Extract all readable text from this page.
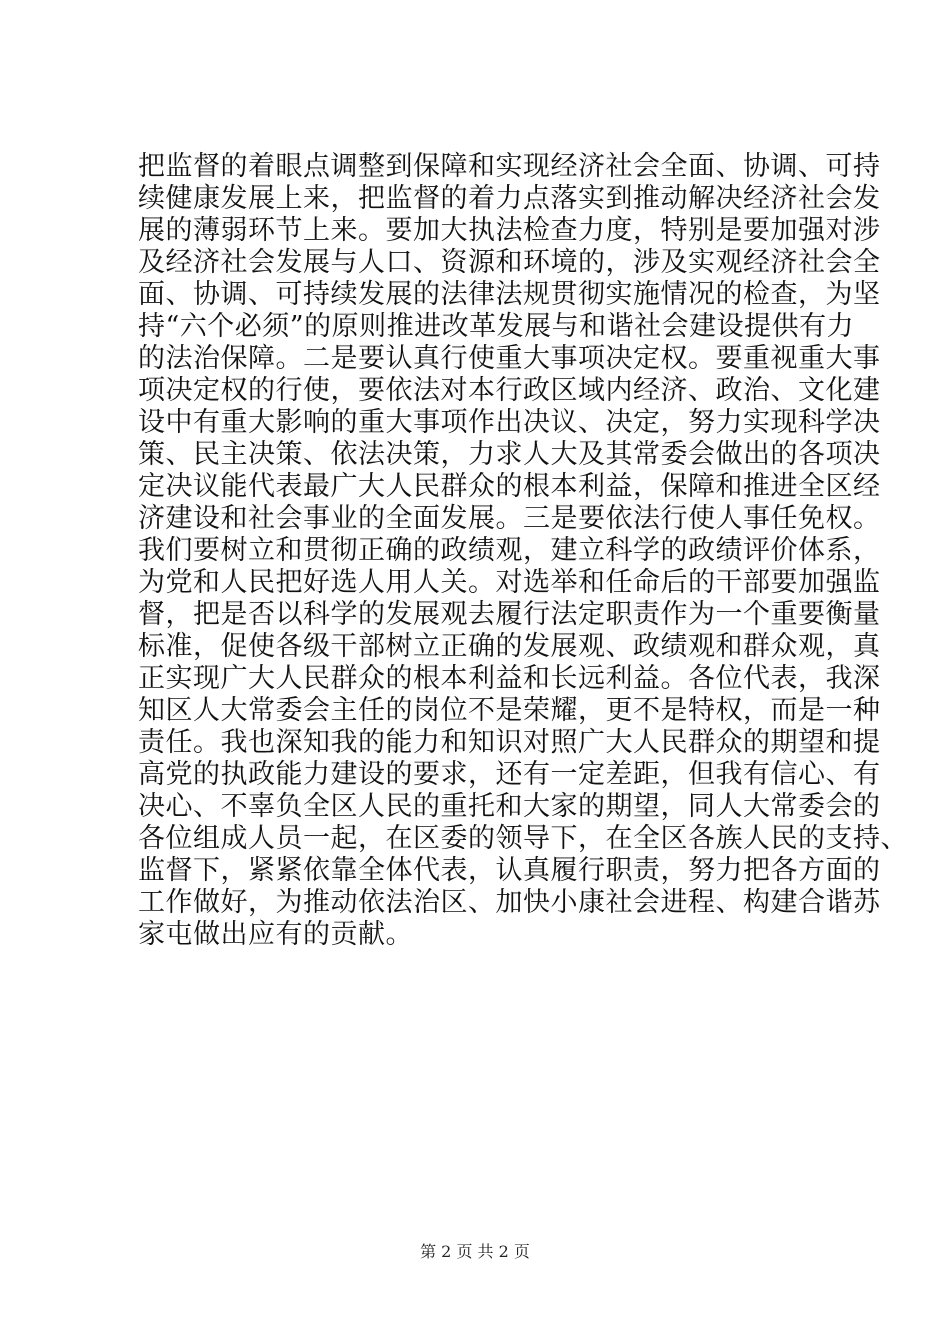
把监督的着眼点调整到保障和实现经济社会全面、协调、可持
续健康发展上来，把监督的着力点落实到推动解决经济社会发
展的薄弱环节上来。要加大执法检查力度，特别是要加强对涉
及经济社会发展与人口、资源和环境的，涉及实观经济社会全
面、协调、可持续发展的法律法规贯彻实施情况的检查，为坚
持“六个必须”的原则推进改革发展与和谐社会建设提供有力
的法治保障。二是要认真行使重大事项决定权。要重视重大事
项决定权的行使，要依法对本行政区域内经济、政治、文化建
设中有重大影响的重大事项作出决议、决定，努力实现科学决
策、民主决策、依法决策，力求人大及其常委会做出的各项决
定决议能代表最广大人民群众的根本利益，保障和推进全区经
济建设和社会事业的全面发展。三是要依法行使人事任免权。
我们要树立和贯彻正确的政绩观，建立科学的政绩评价体系，
为党和人民把好选人用人关。对选举和任命后的干部要加强监
督，把是否以科学的发展观去履行法定职责作为一个重要衡量
标准，促使各级干部树立正确的发展观、政绩观和群众观，真
正实现广大人民群众的根本利益和长远利益。各位代表，我深
知区人大常委会主任的岗位不是荣耀，更不是特权，而是一种
责任。我也深知我的能力和知识对照广大人民群众的期望和提
高党的执政能力建设的要求，还有一定差距，但我有信心、有
决心、不辜负全区人民的重托和大家的期望，同人大常委会的
各位组成人员一起，在区委的领导下，在全区各族人民的支持、
监督下，紧紧依靠全体代表，认真履行职责，努力把各方面的
工作做好，为推动依法治区、加快小康社会进程、构建合谐苏
家屯做出应有的贡献。
第 2 页 共 2 页
